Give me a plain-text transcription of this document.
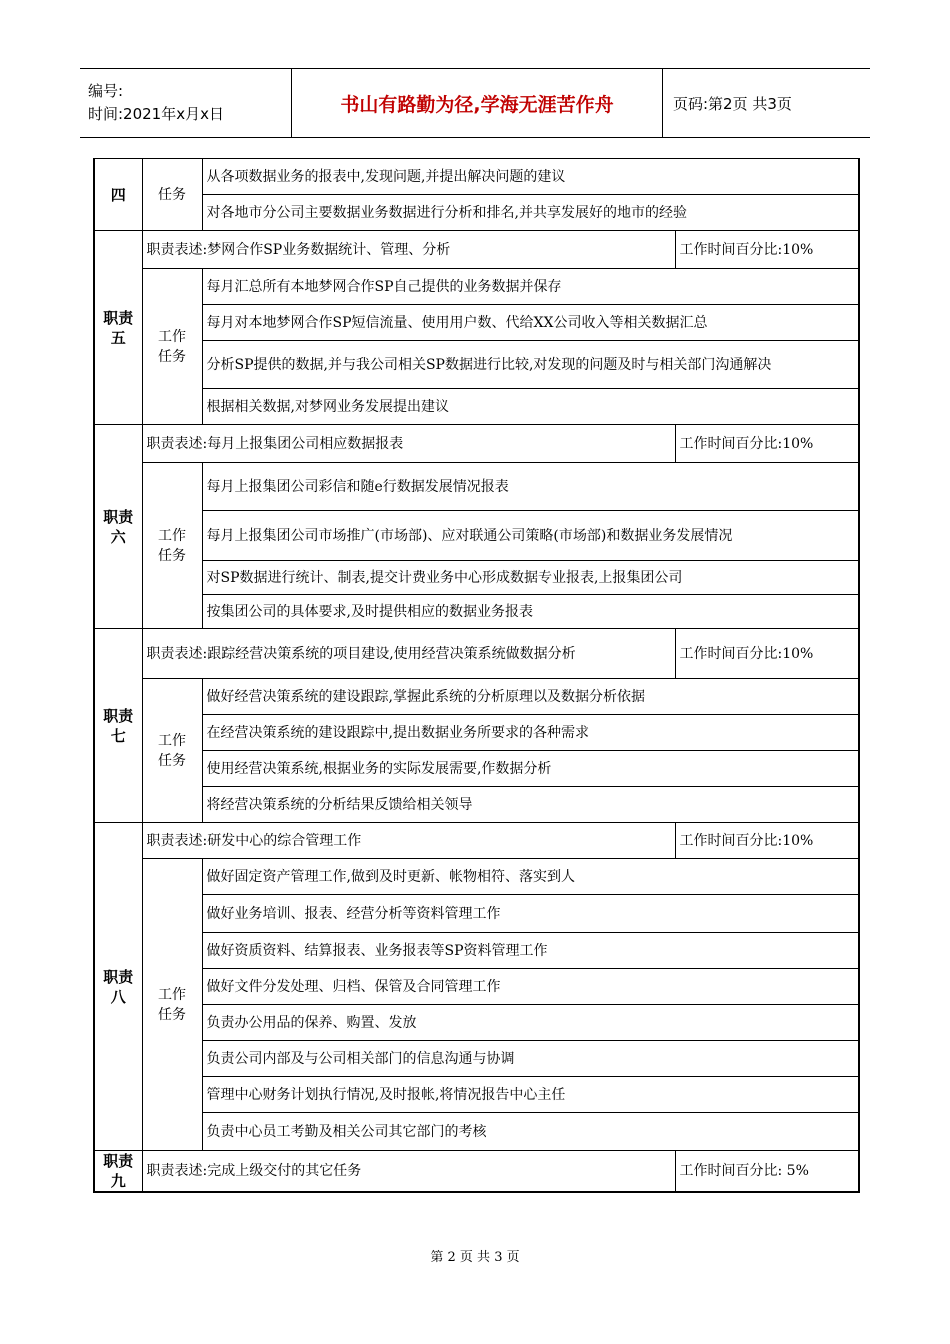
编号:
时间:2021年x月x日	书山有路勤为径,学海无涯苦作舟	页码:第2页 共3页
四	任务	从各项数据业务的报表中,发现问题,并提出解决问题的建议	
		对各地市分公司主要数据业务数据进行分析和排名,并共享发展好的地市的经验	
职责五	职责表述:梦网合作SP业务数据统计、管理、分析		工作时间百分比:10%
	工作任务	每月汇总所有本地梦网合作SP自己提供的业务数据并保存	
		每月对本地梦网合作SP短信流量、使用用户数、代给XX公司收入等相关数据汇总	
		分析SP提供的数据,并与我公司相关SP数据进行比较,对发现的问题及时与相关部门沟通解决	
		根据相关数据,对梦网业务发展提出建议	
职责六	职责表述:每月上报集团公司相应数据报表		工作时间百分比:10%
	工作任务	每月上报集团公司彩信和随e行数据发展情况报表	
		每月上报集团公司市场推广(市场部)、应对联通公司策略(市场部)和数据业务发展情况	
		对SP数据进行统计、制表,提交计费业务中心形成数据专业报表,上报集团公司	
		按集团公司的具体要求,及时提供相应的数据业务报表	
职责七	职责表述:跟踪经营决策系统的项目建设,使用经营决策系统做数据分析		工作时间百分比:10%
	工作任务	做好经营决策系统的建设跟踪,掌握此系统的分析原理以及数据分析依据	
		在经营决策系统的建设跟踪中,提出数据业务所要求的各种需求	
		使用经营决策系统,根据业务的实际发展需要,作数据分析	
		将经营决策系统的分析结果反馈给相关领导	
职责八	职责表述:研发中心的综合管理工作		工作时间百分比:10%
	工作任务	做好固定资产管理工作,做到及时更新、帐物相符、落实到人	
		做好业务培训、报表、经营分析等资料管理工作	
		做好资质资料、结算报表、业务报表等SP资料管理工作	
		做好文件分发处理、归档、保管及合同管理工作	
		负责办公用品的保养、购置、发放	
		负责公司内部及与公司相关部门的信息沟通与协调	
		管理中心财务计划执行情况,及时报帐,将情况报告中心主任	
		负责中心员工考勤及相关公司其它部门的考核	
职责九	职责表述:完成上级交付的其它任务		工作时间百分比: 5%
第 2 页 共 3 页
